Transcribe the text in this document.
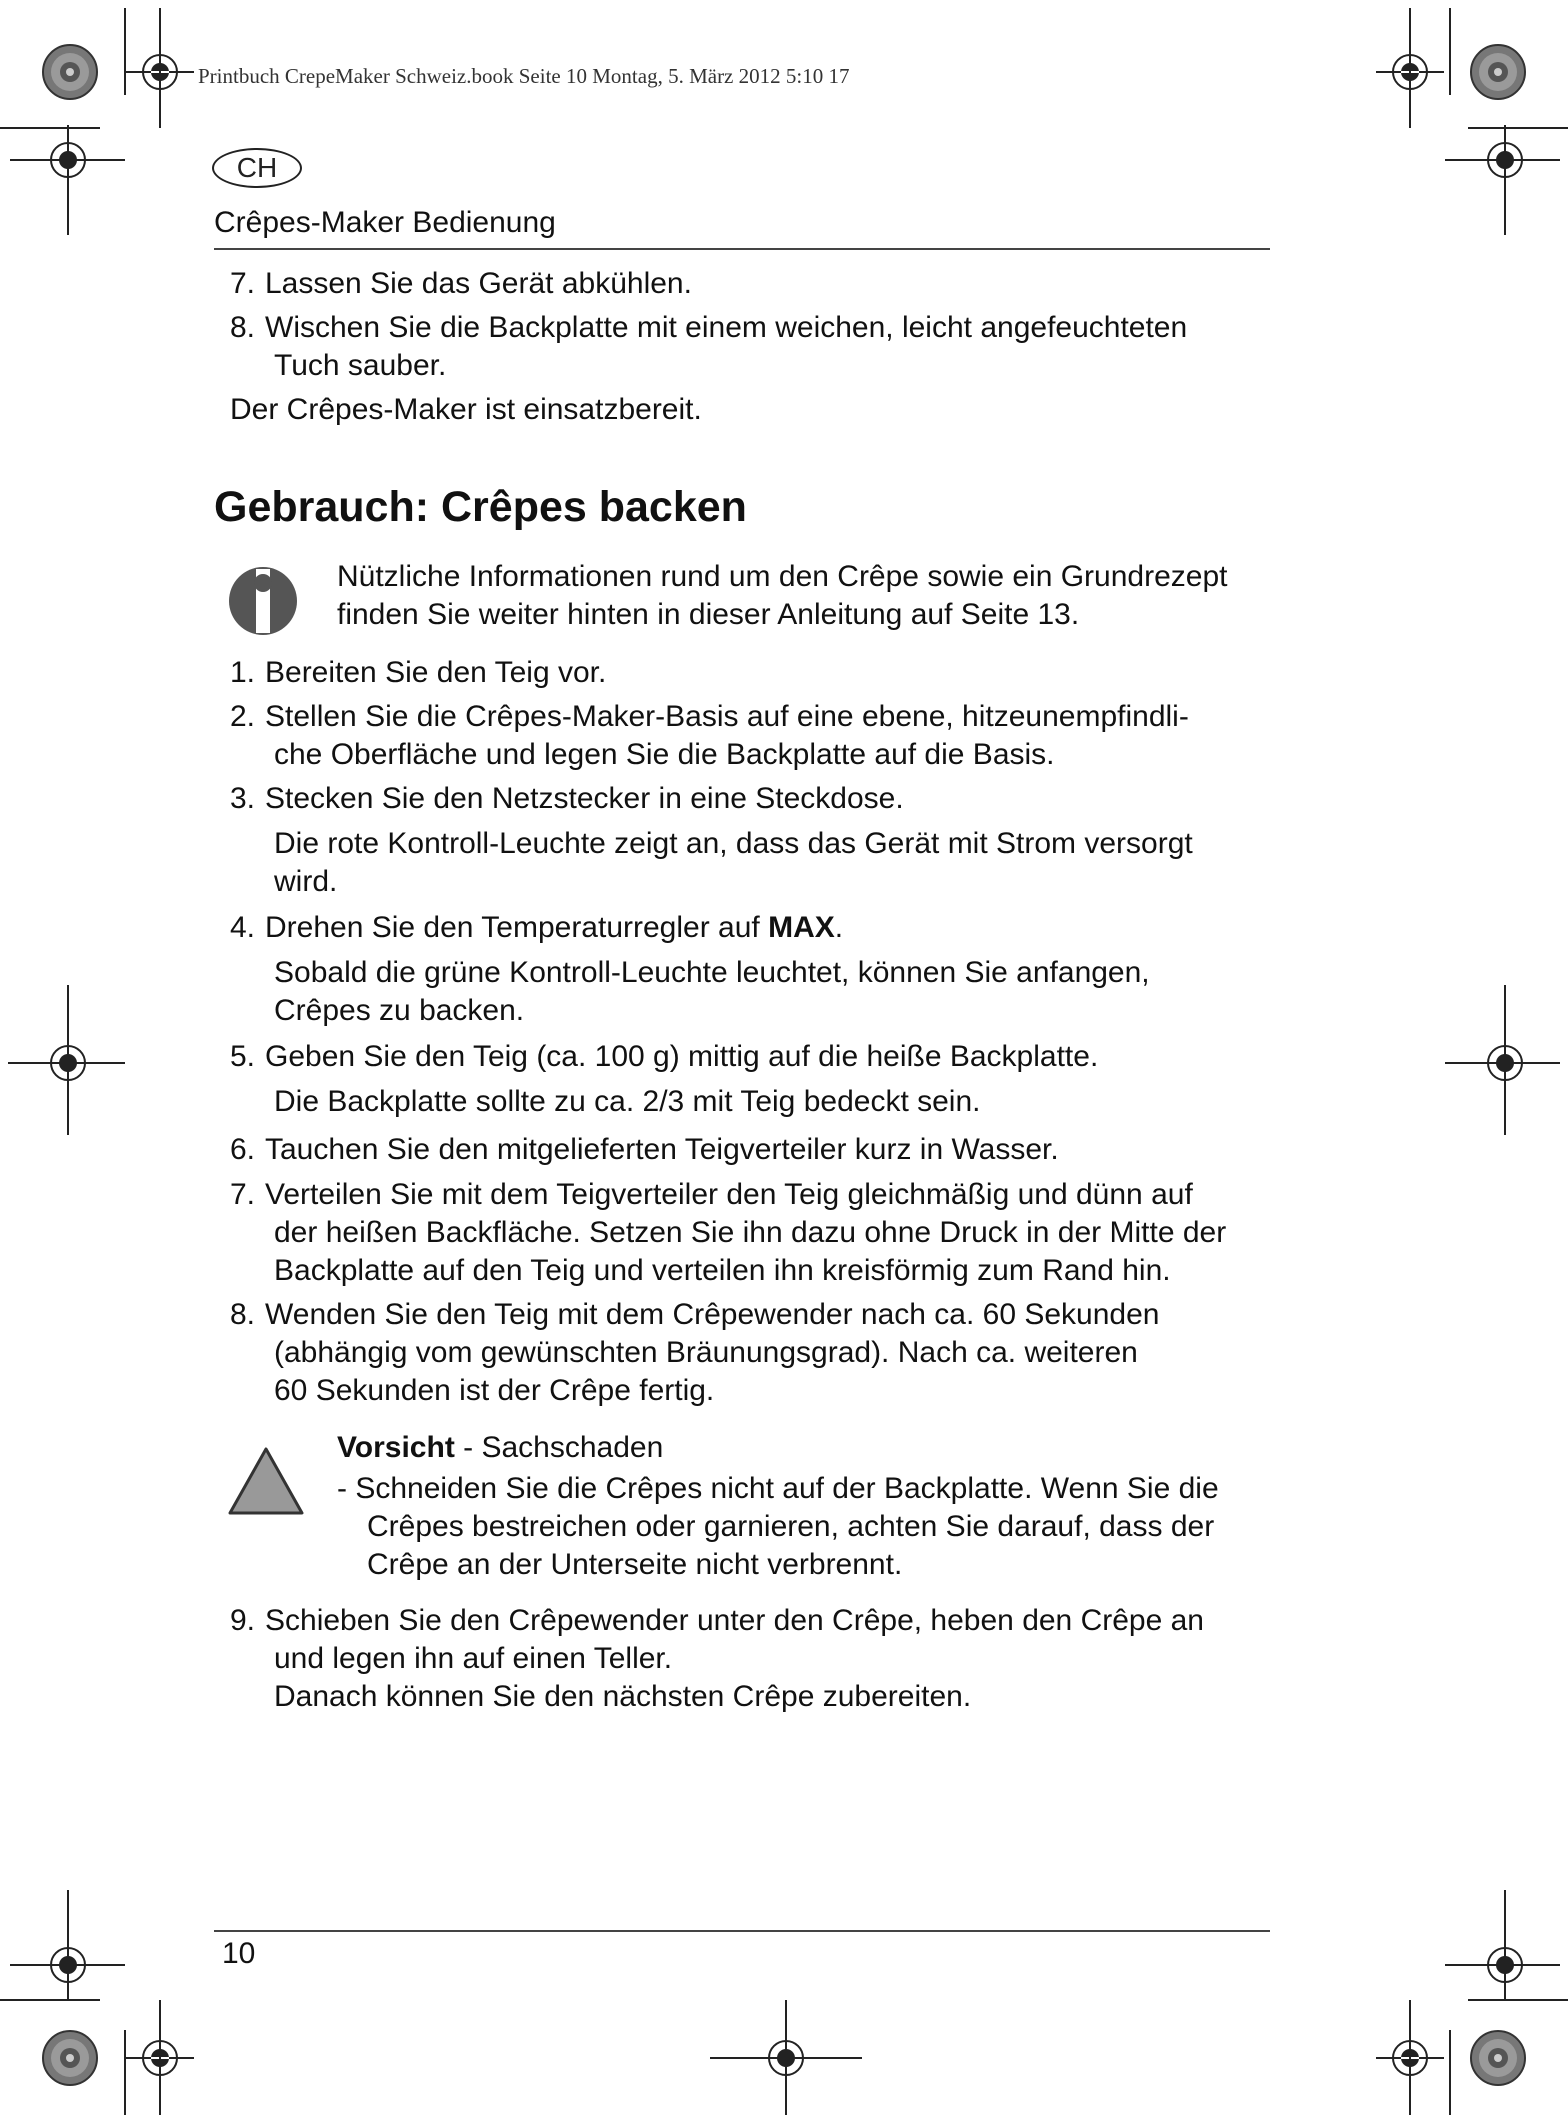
Printbuch CrepeMaker Schweiz.book Seite 10 Montag, 5. März 2012 5:10 17
CH
Crêpes-Maker Bedienung
7. Lassen Sie das Gerät abkühlen.
8. Wischen Sie die Backplatte mit einem weichen, leicht angefeuchteten
Tuch sauber.
Der Crêpes-Maker ist einsatzbereit.
Gebrauch: Crêpes backen
Nützliche Informationen rund um den Crêpe sowie ein Grundrezept
finden Sie weiter hinten in dieser Anleitung auf Seite 13.
1. Bereiten Sie den Teig vor.
2. Stellen Sie die Crêpes-Maker-Basis auf eine ebene, hitzeunempfindli-
che Oberfläche und legen Sie die Backplatte auf die Basis.
3. Stecken Sie den Netzstecker in eine Steckdose.
Die rote Kontroll-Leuchte zeigt an, dass das Gerät mit Strom versorgt
wird.
4. Drehen Sie den Temperaturregler auf MAX.
Sobald die grüne Kontroll-Leuchte leuchtet, können Sie anfangen,
Crêpes zu backen.
5. Geben Sie den Teig (ca. 100 g) mittig auf die heiße Backplatte.
Die Backplatte sollte zu ca. 2/3 mit Teig bedeckt sein.
6. Tauchen Sie den mitgelieferten Teigverteiler kurz in Wasser.
7. Verteilen Sie mit dem Teigverteiler den Teig gleichmäßig und dünn auf
der heißen Backfläche. Setzen Sie ihn dazu ohne Druck in der Mitte der
Backplatte auf den Teig und verteilen ihn kreisförmig zum Rand hin.
8. Wenden Sie den Teig mit dem Crêpewender nach ca. 60 Sekunden
(abhängig vom gewünschten Bräunungsgrad). Nach ca. weiteren
60 Sekunden ist der Crêpe fertig.
Vorsicht - Sachschaden
- Schneiden Sie die Crêpes nicht auf der Backplatte. Wenn Sie die
Crêpes bestreichen oder garnieren, achten Sie darauf, dass der
Crêpe an der Unterseite nicht verbrennt.
9. Schieben Sie den Crêpewender unter den Crêpe, heben den Crêpe an
und legen ihn auf einen Teller.
Danach können Sie den nächsten Crêpe zubereiten.
10
